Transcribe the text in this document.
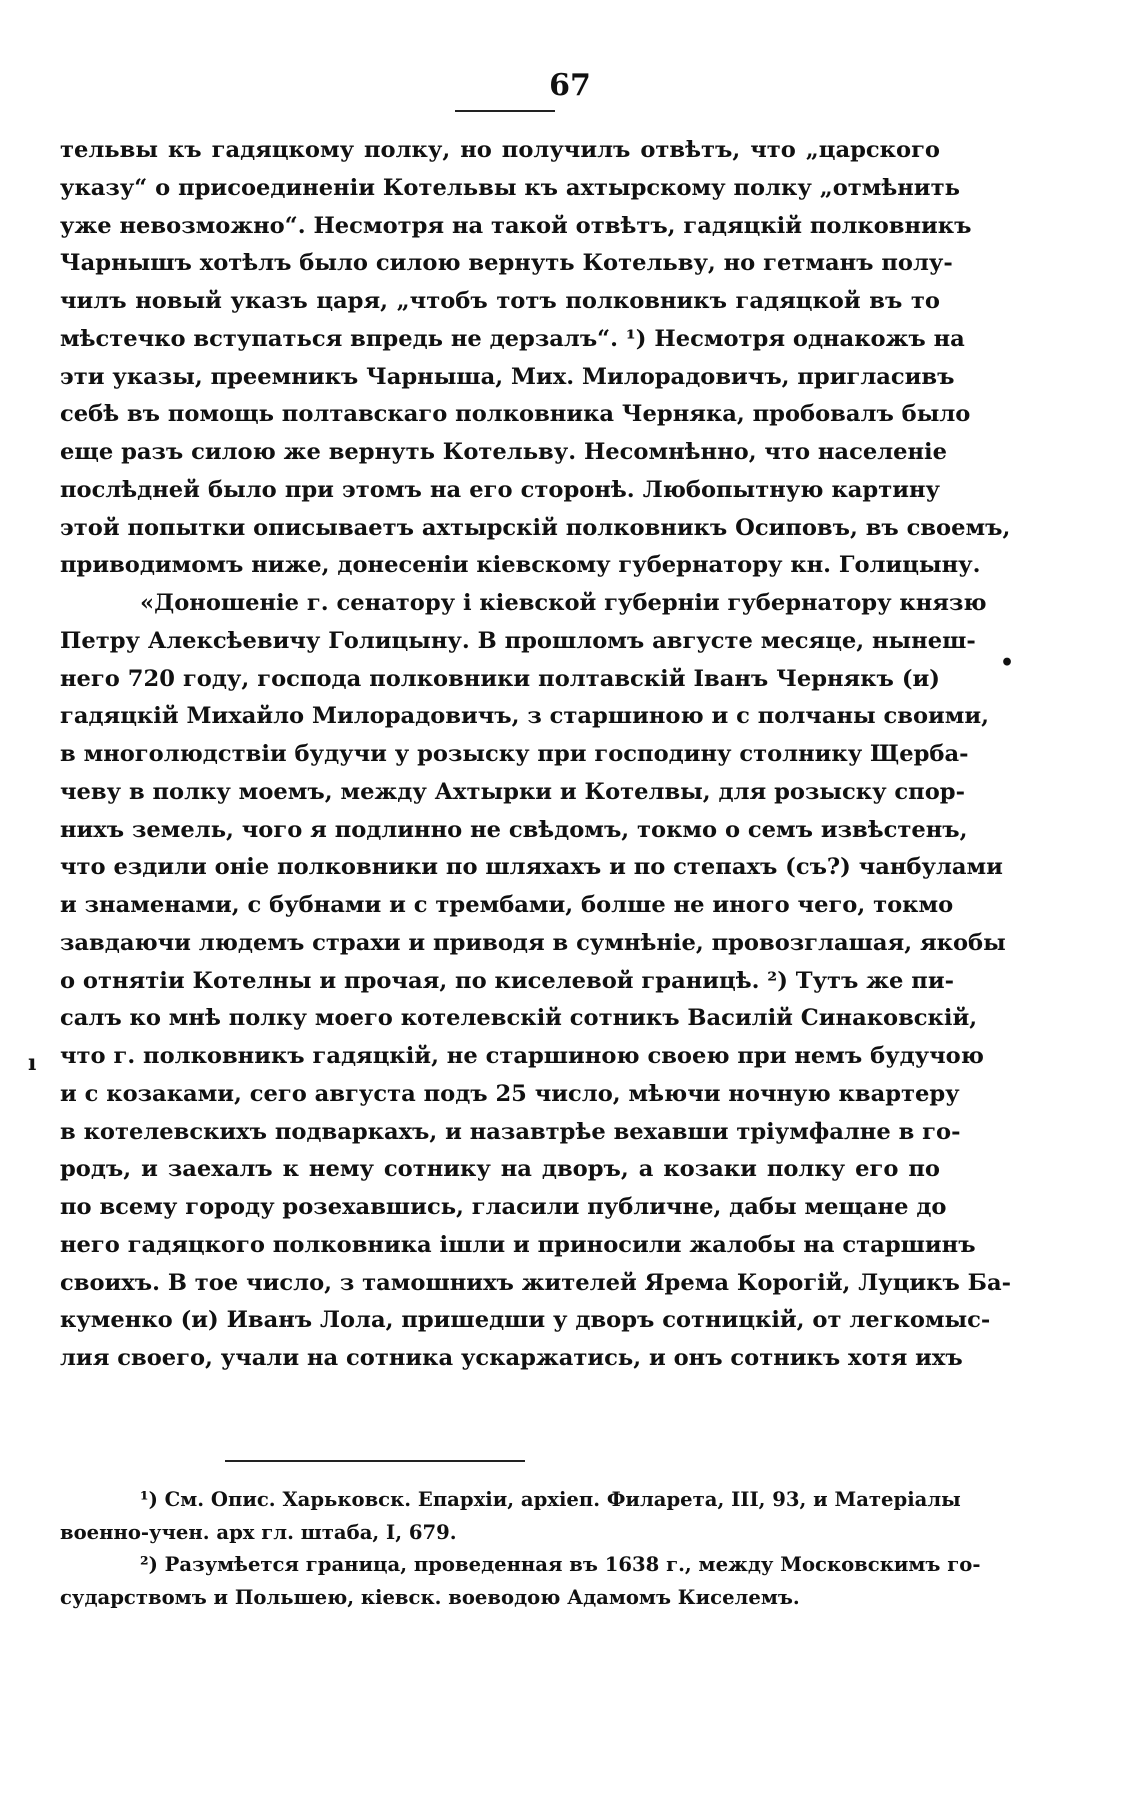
67
тельвы къ гадяцкому полку, но получилъ отвѣтъ, что „царского
указу“ о присоединенiи Котельвы къ ахтырскому полку „отмѣнить
уже невозможно“. Несмотря на такой отвѣтъ, гадяцкiй полковникъ
Чарнышъ хотѣлъ было силою вернуть Котельву, но гетманъ полу-
чилъ новый указъ царя, „чтобъ тотъ полковникъ гадяцкой въ то
мѣстечко вступаться впредь не дерзалъ“. ¹) Несмотря однакожъ на
эти указы, преемникъ Чарныша, Мих. Милорадовичъ, пригласивъ
себѣ въ помощь полтавскаго полковника Черняка, пробовалъ было
еще разъ силою же вернуть Котельву. Несомнѣнно, что населенiе
послѣдней было при этомъ на его сторонѣ. Любопытную картину
этой попытки описываетъ ахтырскiй полковникъ Осиповъ, въ своемъ,
приводимомъ ниже, донесенiи кiевскому губернатору кн. Голицыну.
«Доношенiе г. сенатору i кiевской губернiи губернатору князю
Петру Алексѣевичу Голицыну. В прошломъ августе месяце, нынеш-
него 720 году, господа полковники полтавскiй Iванъ Чернякъ (и)
гадяцкiй Михайло Милорадовичъ, з старшиною и с полчаны своими,
в многолюдствiи будучи у розыску при господину столнику Щерба-
чеву в полку моемъ, между Ахтырки и Котелвы, для розыску спор-
нихъ земель, чого я подлинно не свѣдомъ, токмо о семъ извѣстенъ,
что ездили онiе полковники по шляхахъ и по степахъ (съ?) чанбулами
и знаменами, с бубнами и с трембами, болше не иного чего, токмо
завдаючи людемъ страхи и приводя в сумнѣнiе, провозглашая, якобы
о отнятiи Котелны и прочая, по киселевой границѣ. ²) Тутъ же пи-
салъ ко мнѣ полку моего котелевскiй сотникъ Василiй Синаковскiй,
что г. полковникъ гадяцкiй, не старшиною своею при немъ будучою
и с козаками, сего августа подъ 25 число, мѣючи ночную квартеру
в котелевскихъ подваркахъ, и назавтрѣе вехавши трiумфалне в го-
родъ, и заехалъ к нему сотнику на дворъ, а козаки полку его по
по всему городу розехавшись, гласили публичне, дабы мещане до
него гадяцкого полковника iшли и приносили жалобы на старшинъ
своихъ. В тое число, з тамошнихъ жителей Ярема Корогiй, Луцикъ Ба-
куменко (и) Иванъ Лола, пришедши у дворъ сотницкiй, от легкомыс-
лия своего, учали на сотника ускаржатись, и онъ сотникъ хотя ихъ
¹) См. Опис. Харьковск. Епархiи, архiеп. Филарета, III, 93, и Матерiалы
военно-учен. арх гл. штаба, I, 679.
²) Разумѣется граница, проведенная въ 1638 г., между Московскимъ го-
сударствомъ и Польшею, кiевск. воеводою Адамомъ Киселемъ.
•
ı
